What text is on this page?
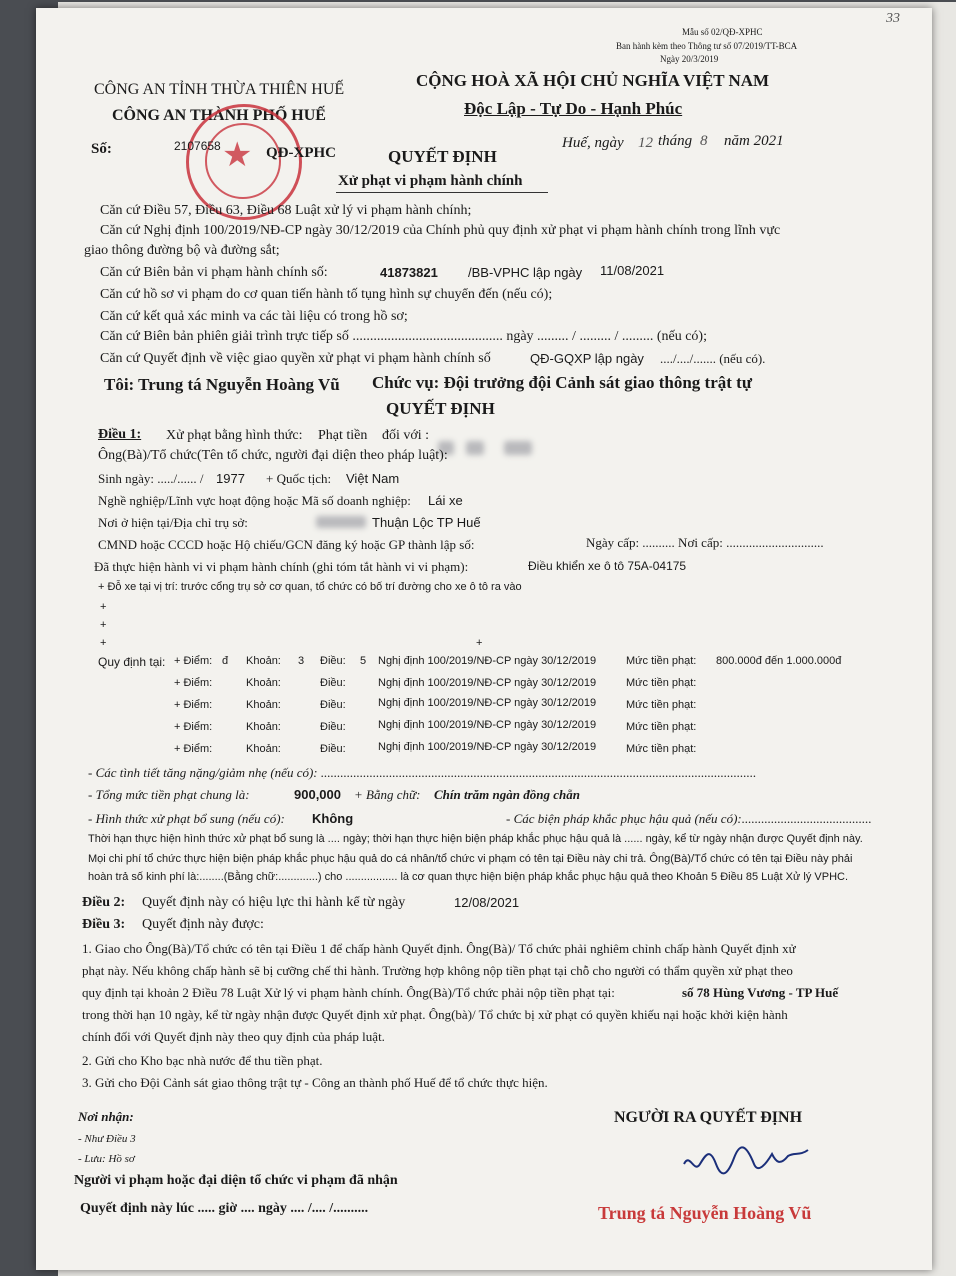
33
Mẫu số 02/QĐ-XPHC
Ban hành kèm theo Thông tư số 07/2019/TT-BCA
Ngày 20/3/2019
CÔNG AN TỈNH THỪA THIÊN HUẾ
CÔNG AN THÀNH PHỐ HUẾ
CỘNG HOÀ XÃ HỘI CHỦ NGHĨA VIỆT NAM
Độc Lập - Tự Do - Hạnh Phúc
★
Số:	2107658	QĐ-XPHC	QUYẾT ĐỊNH
Xử phạt vi phạm hành chính
Huế, ngày 12 tháng 8 năm 2021
Căn cứ Điều 57, Điều 63, Điều 68 Luật xử lý vi phạm hành chính;
Căn cứ Nghị định 100/2019/NĐ-CP ngày 30/12/2019 của Chính phủ quy định xử phạt vi phạm hành chính trong lĩnh vực
giao thông đường bộ và đường sắt;
Căn cứ Biên bản vi phạm hành chính số:	41873821 /BB-VPHC lập ngày 11/08/2021
Căn cứ hồ sơ vi phạm do cơ quan tiến hành tố tụng hình sự chuyển đến (nếu có);
Căn cứ kết quả xác minh va các tài liệu có trong hồ sơ;
Căn cứ Biên bản phiên giải trình trực tiếp số ........................................... ngày ......... / ......... / ......... (nếu có);
Căn cứ Quyết định về việc giao quyền xử phạt vi phạm hành chính số	QĐ-GQXP lập ngày ..../..../....... (nếu có).
Tôi: Trung tá Nguyễn Hoàng Vũ Chức vụ: Đội trưởng đội Cảnh sát giao thông trật tự
QUYẾT ĐỊNH
Điều 1: Xử phạt bằng hình thức: Phạt tiền đối với :
Ông(Bà)/Tổ chức(Tên tổ chức, người đại diện theo pháp luật):
Sinh ngày: ...../...... / 1977 + Quốc tịch: Việt Nam
Nghề nghiệp/Lĩnh vực hoạt động hoặc Mã số doanh nghiệp: Lái xe
Nơi ở hiện tại/Địa chỉ trụ sở:	Thuận Lộc TP Huế
CMND hoặc CCCD hoặc Hộ chiếu/GCN đăng ký hoặc GP thành lập số:	Ngày cấp: .......... Nơi cấp: ..............................
Đã thực hiện hành vi vi phạm hành chính (ghi tóm tắt hành vi vi phạm):	Điều khiển xe ô tô 75A-04175
+ Đỗ xe tại vị trí: trước cổng trụ sở cơ quan, tổ chức có bố trí đường cho xe ô tô ra vào
+
+
+	+
Quy định tại: + Điểm: đ Khoản: 3 Điều: 5 Nghị định 100/2019/NĐ-CP ngày 30/12/2019	Mức tiền phạt: 800.000đ đến 1.000.000đ
+ Điểm:	Khoản:	Điều:	Nghị định 100/2019/NĐ-CP ngày 30/12/2019	Mức tiền phạt:
+ Điểm:	Khoản:	Điều:	Nghị định 100/2019/NĐ-CP ngày 30/12/2019	Mức tiền phạt:
+ Điểm:	Khoản:	Điều:	Nghị định 100/2019/NĐ-CP ngày 30/12/2019	Mức tiền phạt:
+ Điểm:	Khoản:	Điều:	Nghị định 100/2019/NĐ-CP ngày 30/12/2019	Mức tiền phạt:
- Các tình tiết tăng nặng/giảm nhẹ (nếu có): ......................................................................................................................................
- Tổng mức tiền phạt chung là:	900,000 + Bằng chữ: Chín trăm ngàn đồng chẵn
- Hình thức xử phạt bổ sung (nếu có): Không	- Các biện pháp khắc phục hậu quả (nếu có):........................................
Thời hạn thực hiện hình thức xử phạt bổ sung là .... ngày; thời hạn thực hiện biện pháp khắc phục hậu quả là ...... ngày, kể từ ngày nhận được Quyết định này.
Mọi chi phí tổ chức thực hiện biện pháp khắc phục hậu quả do cá nhân/tổ chức vi phạm có tên tại Điều này chi trả. Ông(Bà)/Tổ chức có tên tại Điều này phải
hoàn trả số kinh phí là:........(Bằng chữ:.............) cho ................. là cơ quan thực hiện biện pháp khắc phục hậu quả theo Khoản 5 Điều 85 Luật Xử lý VPHC.
Điều 2: Quyết định này có hiệu lực thi hành kể từ ngày	12/08/2021
Điều 3: Quyết định này được:
1. Giao cho Ông(Bà)/Tổ chức có tên tại Điều 1 để chấp hành Quyết định. Ông(Bà)/ Tổ chức phải nghiêm chỉnh chấp hành Quyết định xử
phạt này. Nếu không chấp hành sẽ bị cưỡng chế thi hành. Trường hợp không nộp tiền phạt tại chỗ cho người có thẩm quyền xử phạt theo
quy định tại khoản 2 Điều 78 Luật Xử lý vi phạm hành chính. Ông(Bà)/Tổ chức phải nộp tiền phạt tại:	số 78 Hùng Vương - TP Huế
trong thời hạn 10 ngày, kể từ ngày nhận được Quyết định xử phạt. Ông(bà)/ Tổ chức bị xử phạt có quyền khiếu nại hoặc khởi kiện hành
chính đối với Quyết định này theo quy định của pháp luật.
2. Gửi cho Kho bạc nhà nước để thu tiền phạt.
3. Gửi cho Đội Cảnh sát giao thông trật tự - Công an thành phố Huế để tổ chức thực hiện.
Nơi nhận:
- Như Điều 3
- Lưu: Hồ sơ
Người vi phạm hoặc đại diện tổ chức vi phạm đã nhận
Quyết định này lúc ..... giờ .... ngày .... /.... /..........
NGƯỜI RA QUYẾT ĐỊNH
Trung tá Nguyễn Hoàng Vũ
